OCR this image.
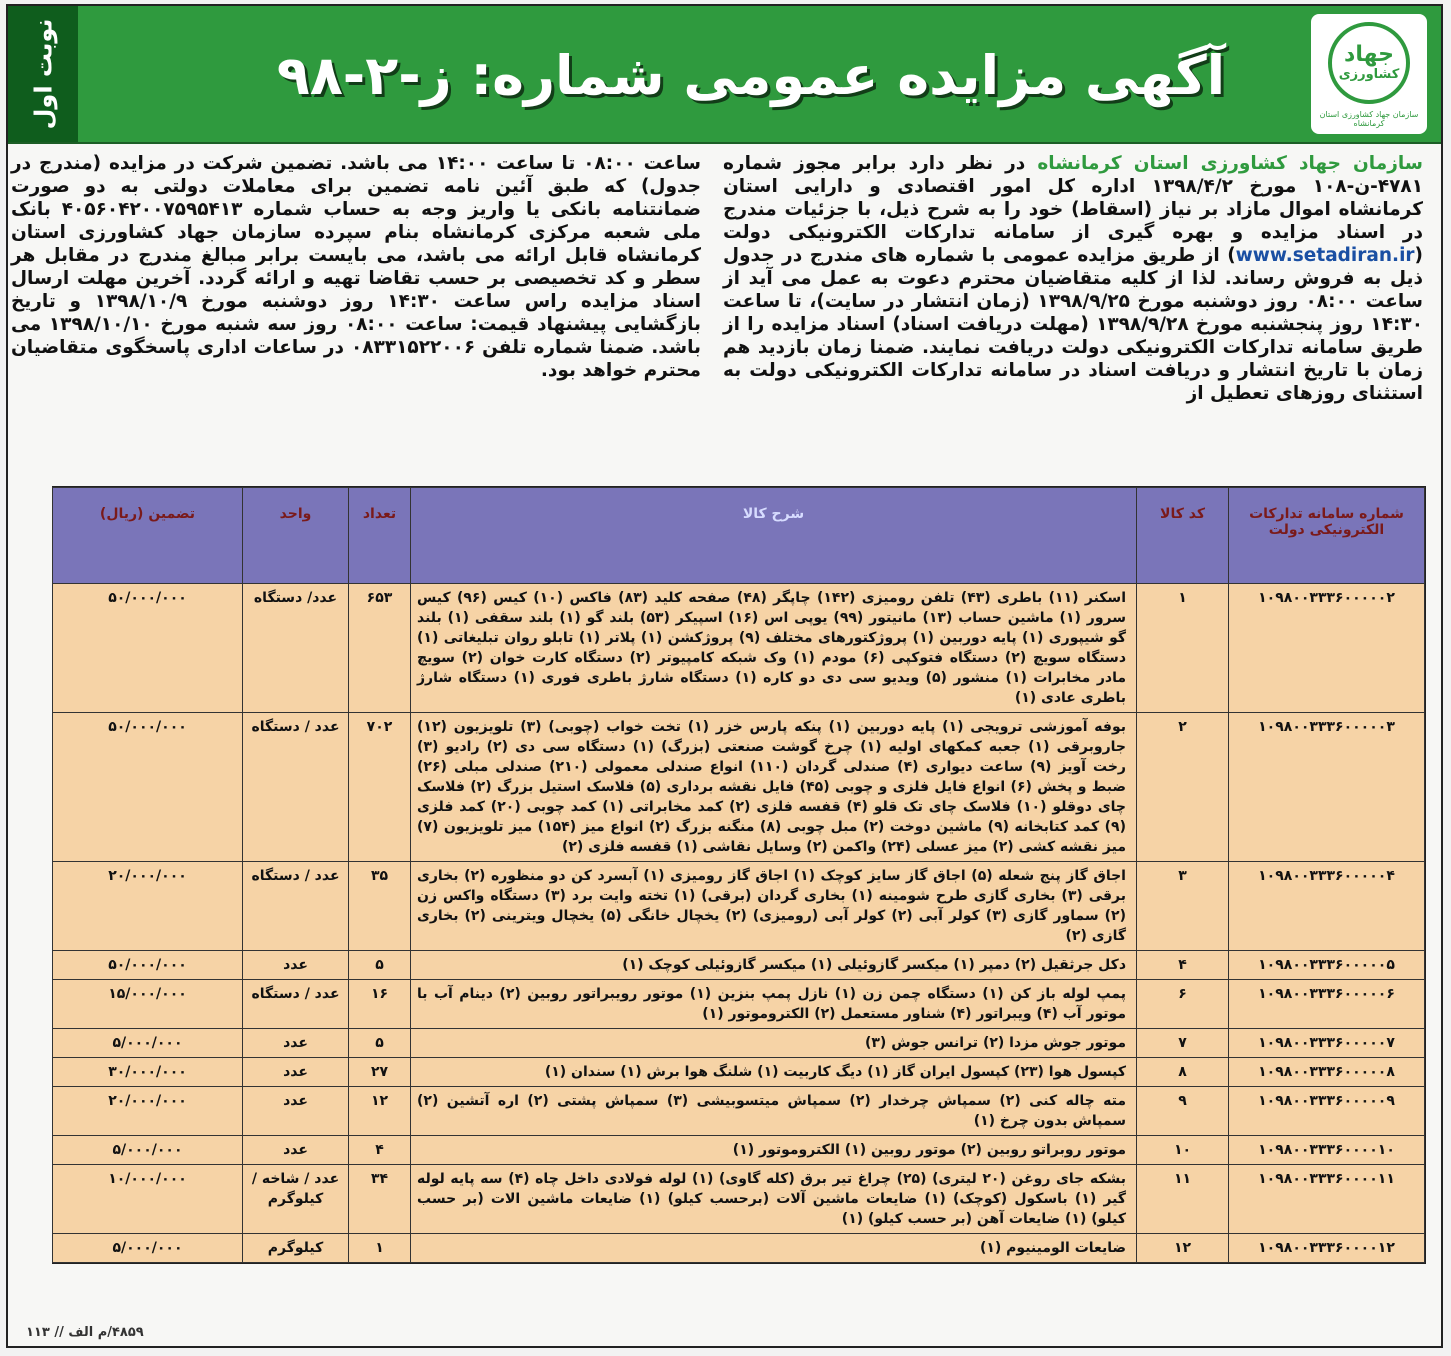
جهاد
کشاورزی
سازمان جهاد کشاورزی استان کرمانشاه
آگهی مزایده عمومی شماره: ز-۲-۹۸
نوبت اول

سازمان جهاد کشاورزی استان کرمانشاه در نظر دارد برابر مجوز شماره ۴۷۸۱-ن-۱۰۸ مورخ ۱۳۹۸/۴/۲ اداره کل امور اقتصادی و دارایی استان کرمانشاه اموال مازاد بر نیاز (اسقاط) خود را به شرح ذیل، با جزئیات مندرج در اسناد مزایده و بهره گیری از سامانه تدارکات الکترونیکی دولت (www.setadiran.ir) از طریق مزایده عمومی با شماره های مندرج در جدول ذیل به فروش رساند. لذا از کلیه متقاضیان محترم دعوت به عمل می آید از ساعت ۰۸:۰۰ روز دوشنبه مورخ ۱۳۹۸/۹/۲۵ (زمان انتشار در سایت)، تا ساعت ۱۴:۳۰ روز پنجشنبه مورخ ۱۳۹۸/۹/۲۸ (مهلت دریافت اسناد) اسناد مزایده را از طریق سامانه تدارکات الکترونیکی دولت دریافت نمایند. ضمنا زمان بازدید هم زمان با تاریخ انتشار و دریافت اسناد در سامانه تدارکات الکترونیکی دولت به استثنای روزهای تعطیل از

ساعت ۰۸:۰۰ تا ساعت ۱۴:۰۰ می باشد. تضمین شرکت در مزایده (مندرج در جدول) که طبق آئین نامه تضمین برای معاملات دولتی به دو صورت ضمانتنامه بانکی یا واریز وجه به حساب شماره ۴۰۵۶۰۴۲۰۰۷۵۹۵۴۱۳ بانک ملی شعبه مرکزی کرمانشاه بنام سپرده سازمان جهاد کشاورزی استان کرمانشاه قابل ارائه می باشد، می بایست برابر مبالغ مندرج در مقابل هر سطر و کد تخصیصی بر حسب تقاضا تهیه و ارائه گردد. آخرین مهلت ارسال اسناد مزایده راس ساعت ۱۴:۳۰ روز دوشنبه مورخ ۱۳۹۸/۱۰/۹ و تاریخ بازگشایی پیشنهاد قیمت: ساعت ۰۸:۰۰ روز سه شنبه مورخ ۱۳۹۸/۱۰/۱۰ می باشد. ضمنا شماره تلفن ۰۸۳۳۱۵۲۲۰۰۶ در ساعات اداری پاسخگوی متقاضیان محترم خواهد بود.

شماره سامانه تدارکات الکترونیکی دولت	کد کالا	شرح کالا	تعداد	واحد	تضمین (ریال)
۱۰۹۸۰۰۳۳۳۶۰۰۰۰۰۲	۱	اسکنر (۱۱) باطری (۴۳) تلفن رومیزی (۱۴۲) چاپگر (۴۸) صفحه کلید (۸۳) فاکس (۱۰) کیس (۹۶) کیس سرور (۱) ماشین حساب (۱۳) مانیتور (۹۹) یوپی اس (۱۶) اسپیکر (۵۳) بلند گو (۱) بلند سقفی (۱) بلند گو شیپوری (۱) پایه دوربین (۱) پروژکتورهای مختلف (۹) پروژکشن (۱) پلاتر (۱) تابلو روان تبلیغاتی (۱) دستگاه سویچ (۲) دستگاه فتوکپی (۶) مودم (۱) وک شبکه کامپیوتر (۲) دستگاه کارت خوان (۲) سویچ مادر مخابرات (۱) منشور (۵) ویدیو سی دی دو کاره (۱) دستگاه شارژ باطری فوری (۱) دستگاه شارژ باطری عادی (۱)	۶۵۳	عدد/ دستگاه	۵۰/۰۰۰/۰۰۰
۱۰۹۸۰۰۳۳۳۶۰۰۰۰۰۳	۲	بوفه آموزشی ترویجی (۱) پایه دوربین (۱) پنکه پارس خزر (۱) تخت خواب (چوبی) (۳) تلویزیون (۱۲) جاروبرقی (۱) جعبه کمکهای اولیه (۱) چرخ گوشت صنعتی (بزرگ) (۱) دستگاه سی دی (۲) رادیو (۳) رخت آویز (۹) ساعت دیواری (۴) صندلی گردان (۱۱۰) انواع صندلی معمولی (۲۱۰) صندلی مبلی (۲۶) ضبط و پخش (۶) انواع فایل فلزی و چوبی (۴۵) فایل نقشه برداری (۵) فلاسک استیل بزرگ (۲) فلاسک چای دوقلو (۱۰) فلاسک چای تک قلو (۴) قفسه فلزی (۲) کمد مخابراتی (۱) کمد چوبی (۲۰) کمد فلزی (۹) کمد کتابخانه (۹) ماشین دوخت (۲) مبل چوبی (۸) منگنه بزرگ (۲) انواع میز (۱۵۴) میز تلویزیون (۷) میز نقشه کشی (۲) میز عسلی (۲۴) واکمن (۲) وسایل نقاشی (۱) قفسه فلزی (۲)	۷۰۲	عدد / دستگاه	۵۰/۰۰۰/۰۰۰
۱۰۹۸۰۰۳۳۳۶۰۰۰۰۰۴	۳	اجاق گاز پنج شعله (۵) اجاق گاز سایز کوچک (۱) اجاق گاز رومیزی (۱) آبسرد کن دو منظوره (۲) بخاری برقی (۳) بخاری گازی طرح شومینه (۱) بخاری گردان (برقی) (۱) تخته وایت برد (۳) دستگاه واکس زن (۲) سماور گازی (۳) کولر آبی (۲) کولر آبی (رومیزی) (۲) یخچال خانگی (۵) یخچال ویترینی (۲) بخاری گازی (۲)	۳۵	عدد / دستگاه	۲۰/۰۰۰/۰۰۰
۱۰۹۸۰۰۳۳۳۶۰۰۰۰۰۵	۴	دکل جرثقیل (۲) دمپر (۱) میکسر گازوئیلی (۱) میکسر گازوئیلی کوچک (۱)	۵	عدد	۵۰/۰۰۰/۰۰۰
۱۰۹۸۰۰۳۳۳۶۰۰۰۰۰۶	۶	پمپ لوله باز کن (۱) دستگاه چمن زن (۱) نازل پمپ بنزین (۱) موتور رویبراتور روبین (۲) دینام آب با موتور آب (۴) ویبراتور (۴) شناور مستعمل (۲) الکتروموتور (۱)	۱۶	عدد / دستگاه	۱۵/۰۰۰/۰۰۰
۱۰۹۸۰۰۳۳۳۶۰۰۰۰۰۷	۷	موتور جوش مزدا (۲) ترانس جوش (۳)	۵	عدد	۵/۰۰۰/۰۰۰
۱۰۹۸۰۰۳۳۳۶۰۰۰۰۰۸	۸	کپسول هوا (۲۳) کپسول ایران گاز (۱) دیگ کاربیت (۱) شلنگ هوا برش (۱) سندان (۱)	۲۷	عدد	۳۰/۰۰۰/۰۰۰
۱۰۹۸۰۰۳۳۳۶۰۰۰۰۰۹	۹	مته چاله کنی (۲) سمپاش چرخدار (۲) سمپاش میتسوبیشی (۳) سمپاش پشتی (۲) اره آتشین (۲) سمپاش بدون چرخ (۱)	۱۲	عدد	۲۰/۰۰۰/۰۰۰
۱۰۹۸۰۰۳۳۳۶۰۰۰۰۱۰	۱۰	موتور روبراتو روبین (۲) موتور روبین (۱) الکتروموتور (۱)	۴	عدد	۵/۰۰۰/۰۰۰
۱۰۹۸۰۰۳۳۳۶۰۰۰۰۱۱	۱۱	بشکه جای روغن (۲۰ لیتری) (۲۵) چراغ تیر برق (کله گاوی) (۱) لوله فولادی داخل چاه (۴) سه پایه لوله گیر (۱) باسکول (کوچک) (۱) ضایعات ماشین آلات (برحسب کیلو) (۱) ضایعات ماشین الات (بر حسب کیلو) (۱) ضایعات آهن (بر حسب کیلو) (۱)	۳۴	عدد / شاخه / کیلوگرم	۱۰/۰۰۰/۰۰۰
۱۰۹۸۰۰۳۳۳۶۰۰۰۰۱۲	۱۲	ضایعات الومینیوم (۱)	۱	کیلوگرم	۵/۰۰۰/۰۰۰
۴۸۵۹/م الف // ۱۱۳
